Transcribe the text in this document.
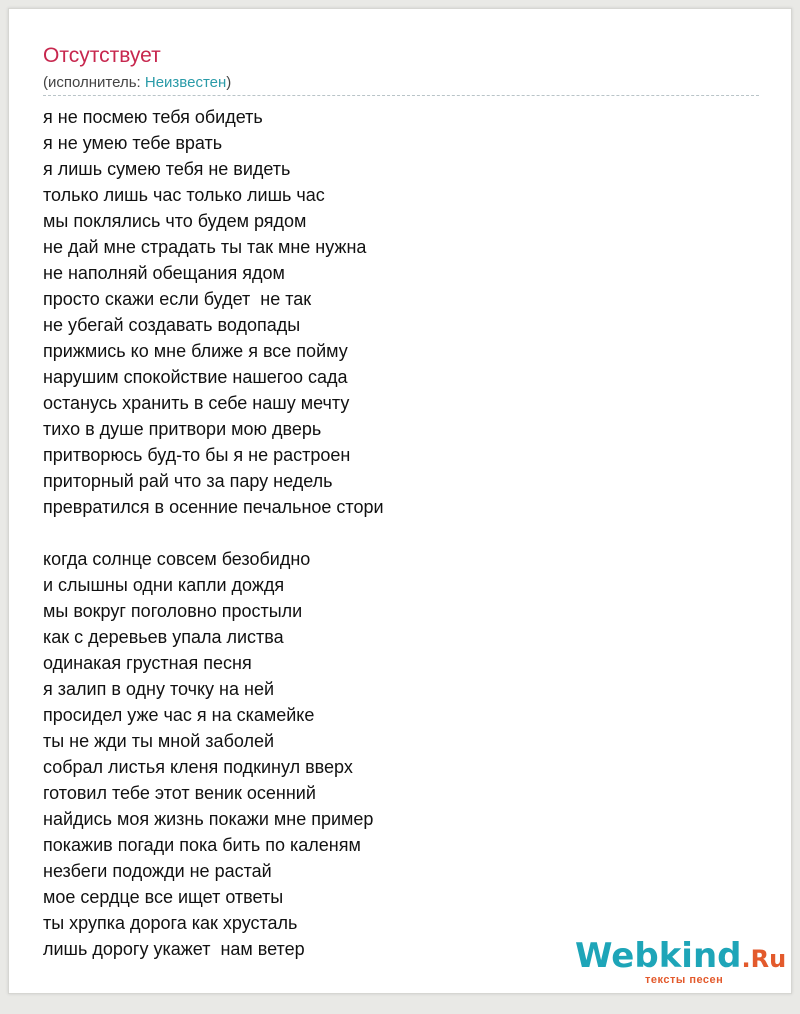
Отсутствует
(исполнитель: Неизвестен)
я не посмею тебя обидеть
я не умею тебе врать
я лишь сумею тебя не видеть
только лишь час только лишь час
мы поклялись что будем рядом
не дай мне страдать ты так мне нужна
не наполняй обещания ядом
просто скажи если будет  не так
не убегай создавать водопады
прижмись ко мне ближе я все пойму
нарушим спокойствие нашегоо сада
останусь хранить в себе нашу мечту
тихо в душе притвори мою дверь
притворюсь буд-то бы я не растроен
приторный рай что за пару недель
превратился в осенние печальное стори
когда солнце совсем безобидно
и слышны одни капли дождя
мы вокруг поголовно простыли
как с деревьев упала листва
одинакая грустная песня
я залип в одну точку на ней
просидел уже час я на скамейке
ты не жди ты мной заболей
собрал листья кленя подкинул вверх
готовил тебе этот веник осенний
найдись моя жизнь покажи мне пример
покажив погади пока бить по каленям
незбеги подожди не растай
мое сердце все ищет ответы
ты хрупка дорога как хрусталь
лишь дорогу укажет  нам ветер	Webkind.Ru
тексты песен
